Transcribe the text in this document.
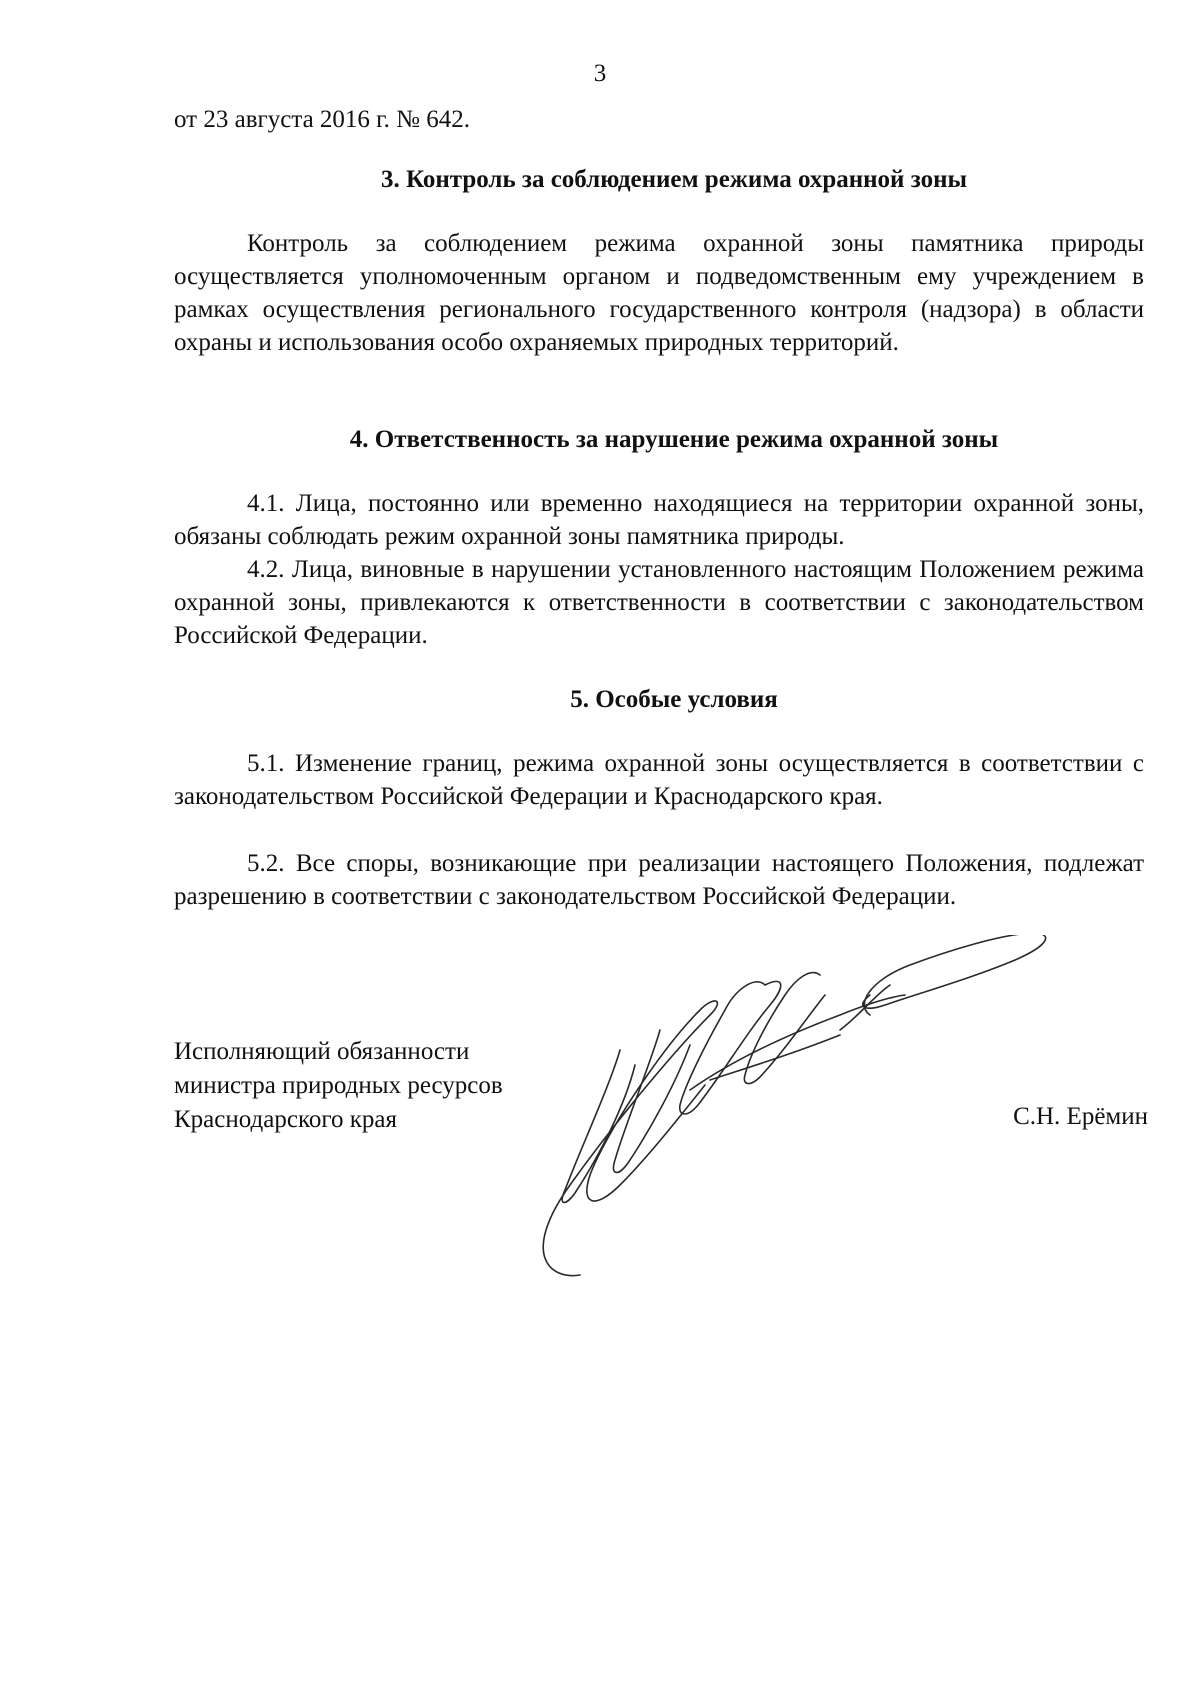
3
от 23 августа 2016 г. № 642.
3. Контроль за соблюдением режима охранной зоны

Контроль за соблюдением режима охранной зоны памятника природы осуществляется уполномоченным органом и подведомственным ему учреждением в рамках осуществления регионального государственного контроля (надзора) в области охраны и использования особо охраняемых природных территорий.

4. Ответственность за нарушение режима охранной зоны

4.1. Лица, постоянно или временно находящиеся на территории охранной зоны, обязаны соблюдать режим охранной зоны памятника природы.

4.2. Лица, виновные в нарушении установленного настоящим Положением режима охранной зоны, привлекаются к ответственности в соответствии с законодательством Российской Федерации.

5. Особые условия

5.1. Изменение границ, режима охранной зоны осуществляется в соответствии с законодательством Российской Федерации и Краснодарского края.

5.2. Все споры, возникающие при реализации настоящего Положения, подлежат разрешению в соответствии с законодательством Российской Федерации.

Исполняющий обязанности
министра природных ресурсов
Краснодарского края	С.Н. Ерёмин
